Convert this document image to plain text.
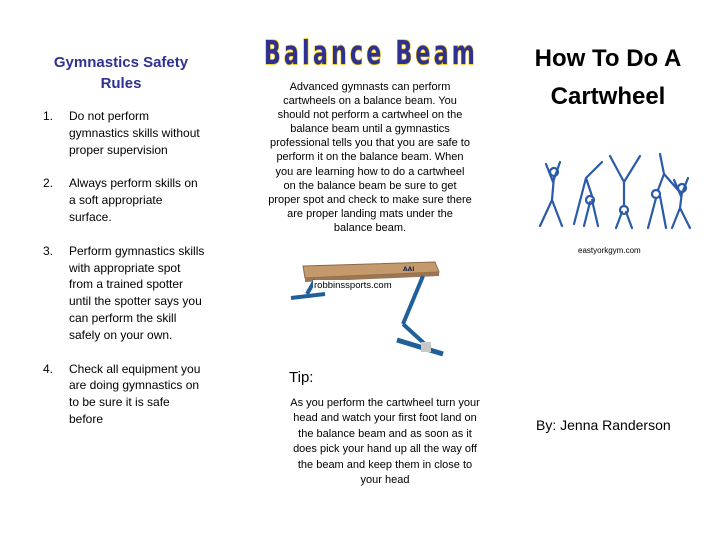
Gymnastics Safety Rules
1. Do not perform gymnastics skills without proper supervision
2. Always perform skills on a soft appropriate surface.
3. Perform gymnastics skills with appropriate spot from a trained spotter until the spotter says you can perform the skill safely on your own.
4. Check all equipment you are doing gymnastics on to be sure it is safe before
Balance Beam

Advanced gymnasts can perform cartwheels on a balance beam. You should not perform a cartwheel on the balance beam until a gymnastics professional tells you that you are safe to perform it on the balance beam. When you are learning how to do a cartwheel on the balance beam be sure to get proper spot and check to make sure there are proper landing mats under the balance beam.

AAI
robbinssports.com
Tip:

As you perform the cartwheel turn your head and watch your first foot land on the balance beam and as soon as it does pick your hand up all the way off the beam and keep them in close to your head

How To Do A
Cartwheel
eastyorkgym.com
By: Jenna Randerson
